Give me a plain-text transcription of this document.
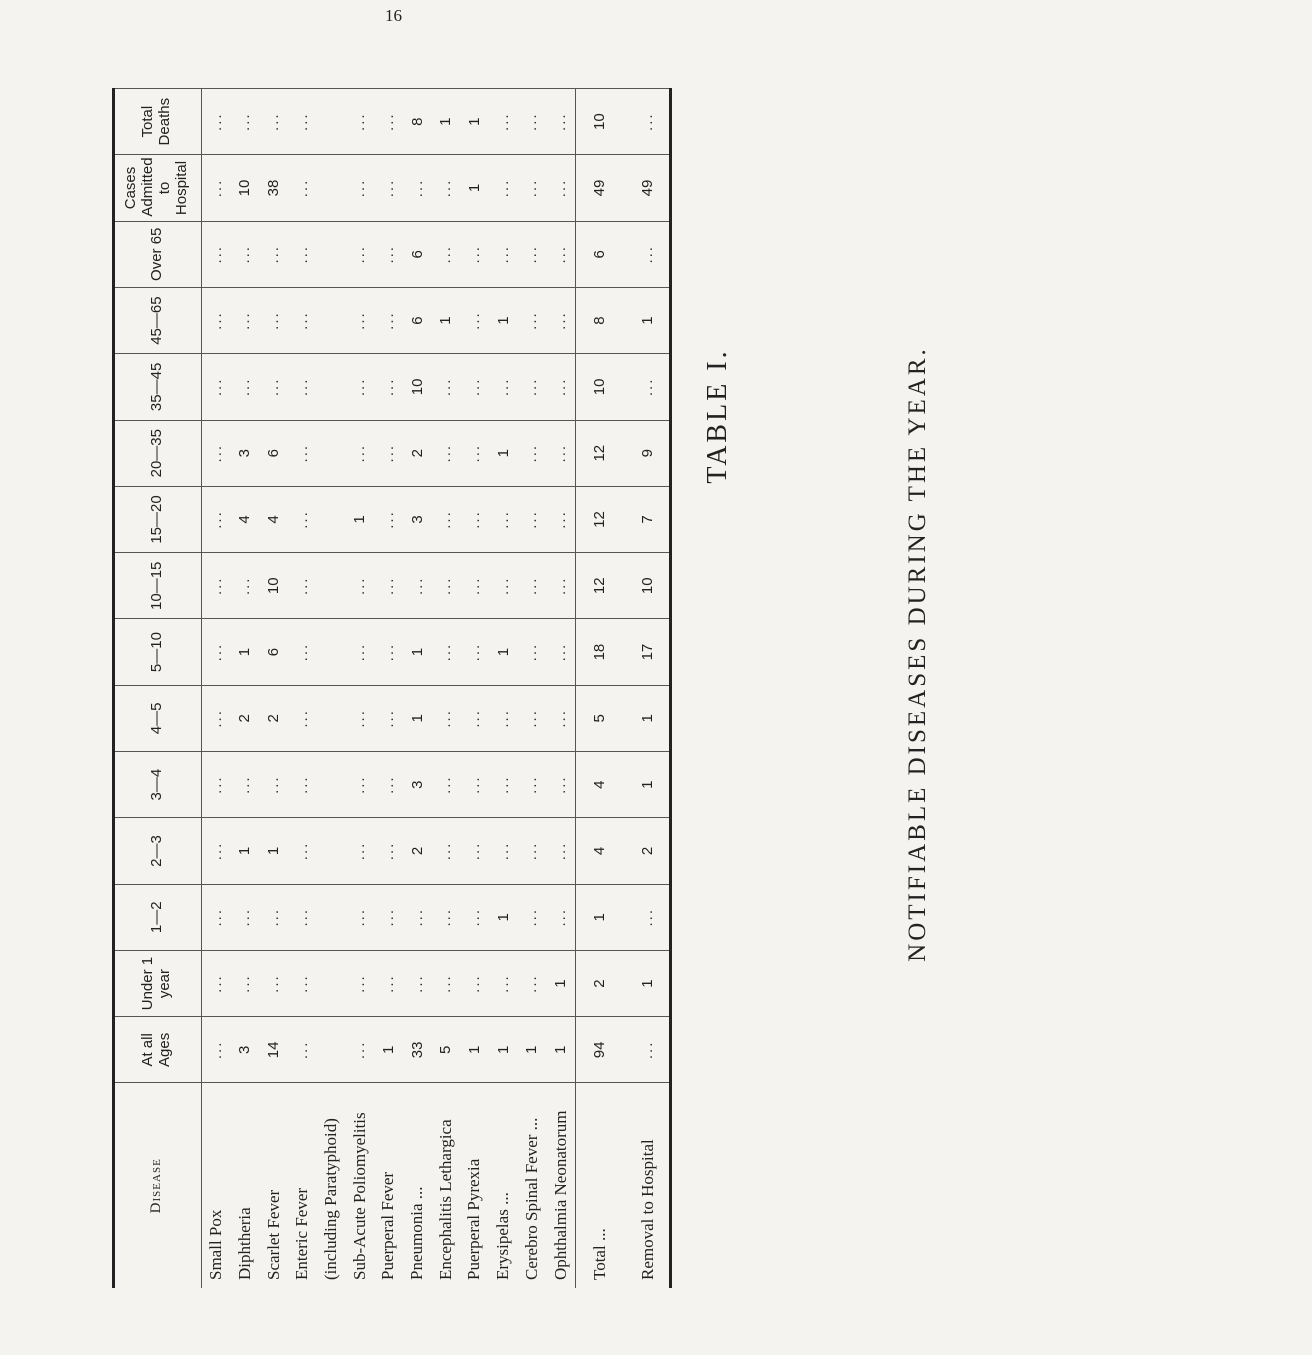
16
TABLE I.	NOTIFIABLE DISEASES DURING THE YEAR.
Disease	At all Ages	Under 1 year	1—2	2—3	3—4	4—5	5—10	10—15	15—20	20—35	35—45	45—65	Over 65	Cases Admitted to Hospital	Total Deaths
Small Pox	...	...	...	...	...	...	...	...	...	...	...	...	...	...	...
Diphtheria	3	...	...	1	...	2	1	...	4	3	...	...	...	10	...
Scarlet Fever	14	...	...	1	...	2	6	10	4	6	...	...	...	38	...
Enteric Fever	...	...	...	...	...	...	...	...	...	...	...	...	...	...	...
(including Paratyphoid)															
Sub-Acute Poliomyelitis	...	...	...	...	...	...	...	...	1	...	...	...	...	...	...
Puerperal Fever	1	...	...	...	...	...	...	...	...	...	...	...	...	...	...
Pneumonia ...	33	...	...	2	3	1	1	...	3	2	10	6	6	...	8
Encephalitis Lethargica	5	...	...	...	...	...	...	...	...	...	...	1	...	...	1
Puerperal Pyrexia	1	...	...	...	...	...	...	...	...	...	...	...	...	1	1
Erysipelas ...	1	...	1	...	...	...	1	...	...	1	...	1	...	...	...
Cerebro Spinal Fever ...	1	...	...	...	...	...	...	...	...	...	...	...	...	...	...
Ophthalmia Neonatorum	1	1	...	...	...	...	...	...	...	...	...	...	...	...	...
Total ...	94	2	1	4	4	5	18	12	12	12	10	8	6	49	10
Removal to Hospital	...	1	...	2	1	1	17	10	7	9	...	1	...	49	...
